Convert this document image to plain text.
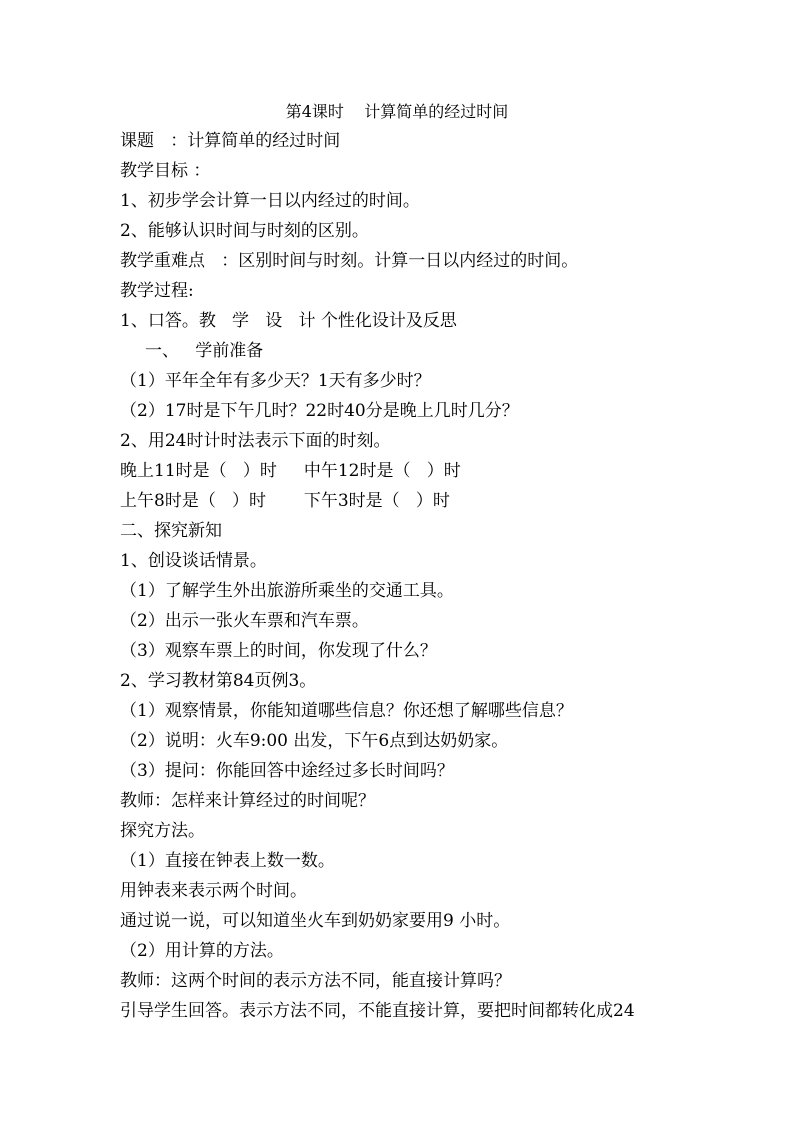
第4课时    计算简单的经过时间
课题   ：计算简单的经过时间
教学目标 ：
1、初步学会计算一日以内经过的时间。
2、能够认识时间与时刻的区别。
教学重难点   ：区别时间与时刻。计算一日以内经过的时间。
教学过程:
1、口答。教   学   设   计 个性化设计及反思
一、   学前准备
（1）平年全年有多少天？1天有多少时？
（2）17时是下午几时？22时40分是晚上几时几分？
2、用24时计时法表示下面的时刻。
晚上11时是（   ）时     中午12时是（   ）时
上午8时是（   ）时       下午3时是（   ）时
二、探究新知
1、创设谈话情景。
（1）了解学生外出旅游所乘坐的交通工具。
（2）出示一张火车票和汽车票。
（3）观察车票上的时间，你发现了什么？
2、学习教材第84页例3。
（1）观察情景，你能知道哪些信息？你还想了解哪些信息？
（2）说明：火车9:00 出发，下午6点到达奶奶家。
（3）提问：你能回答中途经过多长时间吗？
教师：怎样来计算经过的时间呢？
探究方法。
（1）直接在钟表上数一数。
用钟表来表示两个时间。
通过说一说，可以知道坐火车到奶奶家要用9 小时。
（2）用计算的方法。
教师：这两个时间的表示方法不同，能直接计算吗？
引导学生回答。表示方法不同，不能直接计算，要把时间都转化成24
